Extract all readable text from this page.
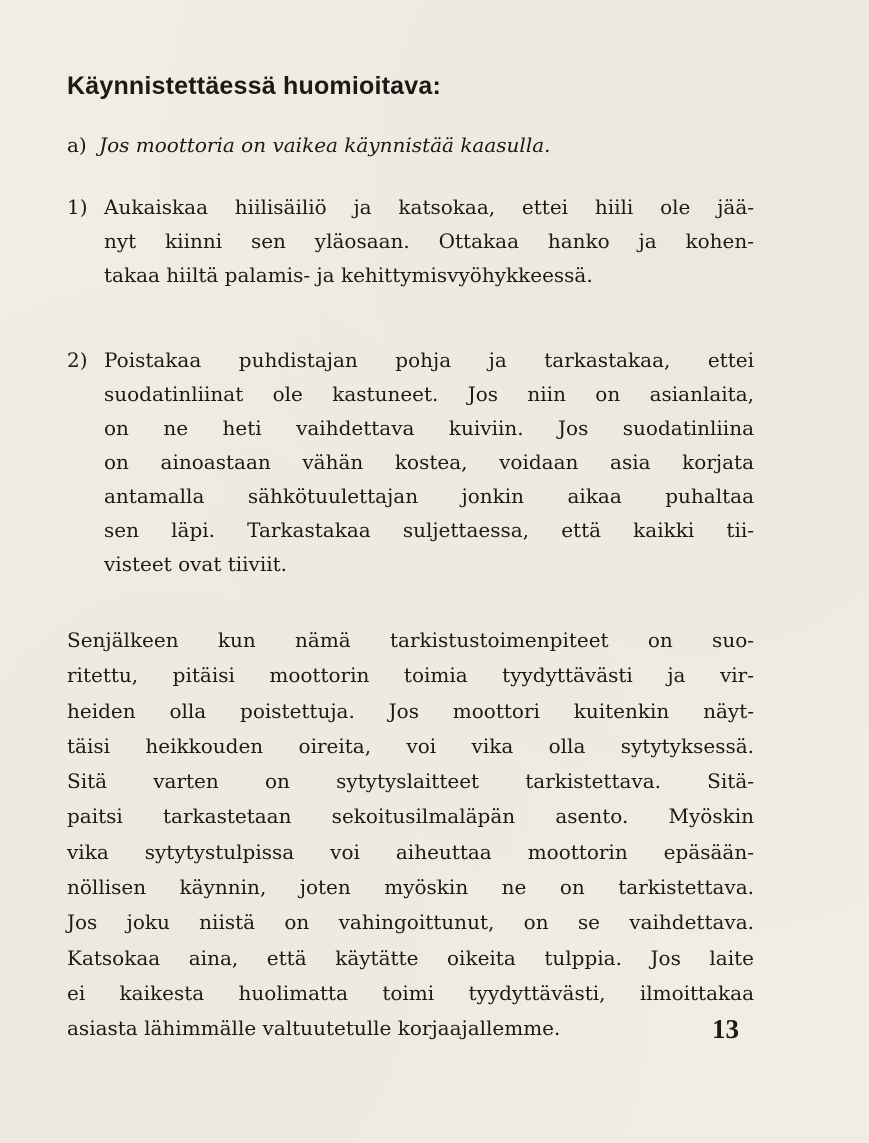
Käynnistettäessä huomioitava:
a) Jos moottoria on vaikea käynnistää kaasulla.
1) Aukaiskaa hiilisäiliö ja katsokaa, ettei hiili ole jää-
nyt kiinni sen yläosaan. Ottakaa hanko ja kohen-
takaa hiiltä palamis- ja kehittymisvyöhykkeessä.
2) Poistakaa puhdistajan pohja ja tarkastakaa, ettei
suodatinliinat ole kastuneet. Jos niin on asianlaita,
on ne heti vaihdettava kuiviin. Jos suodatinliina
on ainoastaan vähän kostea, voidaan asia korjata
antamalla sähkötuulettajan jonkin aikaa puhaltaa
sen läpi. Tarkastakaa suljettaessa, että kaikki tii-
visteet ovat tiiviit.
Senjälkeen kun nämä tarkistustoimenpiteet on suo-
ritettu, pitäisi moottorin toimia tyydyttävästi ja vir-
heiden olla poistettuja. Jos moottori kuitenkin näyt-
täisi heikkouden oireita, voi vika olla sytytyksessä.
Sitä varten on sytytyslaitteet tarkistettava. Sitä-
paitsi tarkastetaan sekoitusilmaläpän asento. Myöskin
vika sytytystulpissa voi aiheuttaa moottorin epäsään-
nöllisen käynnin, joten myöskin ne on tarkistettava.
Jos joku niistä on vahingoittunut, on se vaihdettava.
Katsokaa aina, että käytätte oikeita tulppia. Jos laite
ei kaikesta huolimatta toimi tyydyttävästi, ilmoittakaa
asiasta lähimmälle valtuutetulle korjaajallemme.	13
